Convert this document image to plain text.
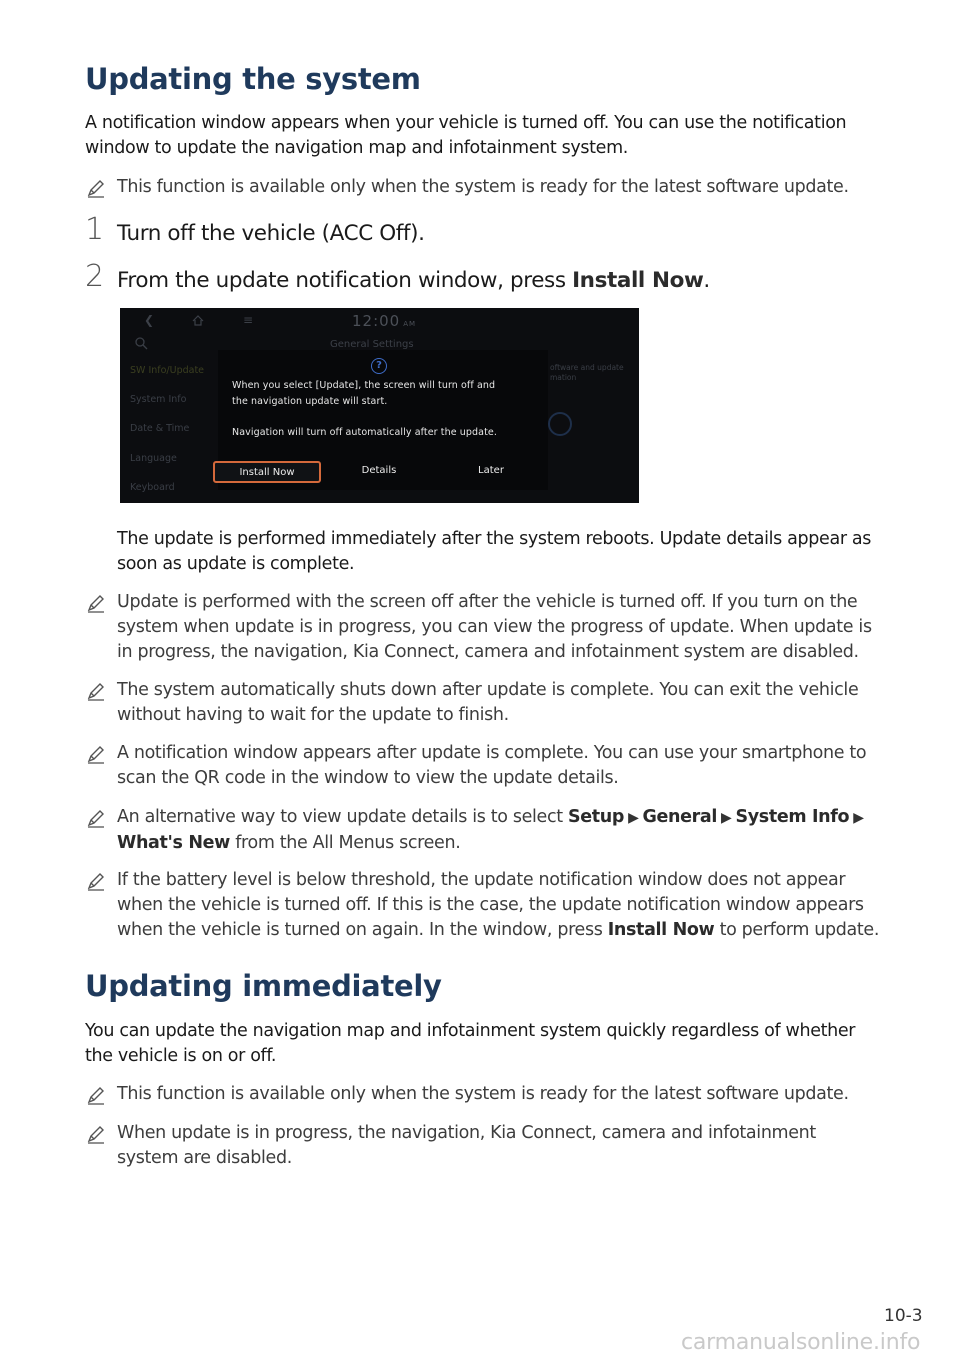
Updating the system

A notification window appears when your vehicle is turned off. You can use the notification window to update the navigation map and infotainment system.

This function is available only when the system is ready for the latest software update.
1 Turn off the vehicle (ACC Off).
2 From the update notification window, press Install Now.
❮	≡	12:00 AM
General Settings
SW Info/Update
System Info
Date & Time
Language
Keyboard
oftware and update mation
?
When you select [Update], the screen will turn off and
the navigation update will start.
Navigation will turn off automatically after the update.
Install Now	Details	Later

The update is performed immediately after the system reboots. Update details appear as soon as update is complete.

Update is performed with the screen off after the vehicle is turned off. If you turn on the system when update is in progress, you can view the progress of update. When update is in progress, the navigation, Kia Connect, camera and infotainment system are disabled.
The system automatically shuts down after update is complete. You can exit the vehicle without having to wait for the update to finish.
A notification window appears after update is complete. You can use your smartphone to scan the QR code in the window to view the update details.
An alternative way to view update details is to select Setup ▶ General ▶ System Info ▶ What's New from the All Menus screen.
If the battery level is below threshold, the update notification window does not appear when the vehicle is turned off. If this is the case, the update notification window appears when the vehicle is turned on again. In the window, press Install Now to perform update.
Updating immediately

You can update the navigation map and infotainment system quickly regardless of whether the vehicle is on or off.

This function is available only when the system is ready for the latest software update.
When update is in progress, the navigation, Kia Connect, camera and infotainment system are disabled.
10-3
carmanualsonline.info
